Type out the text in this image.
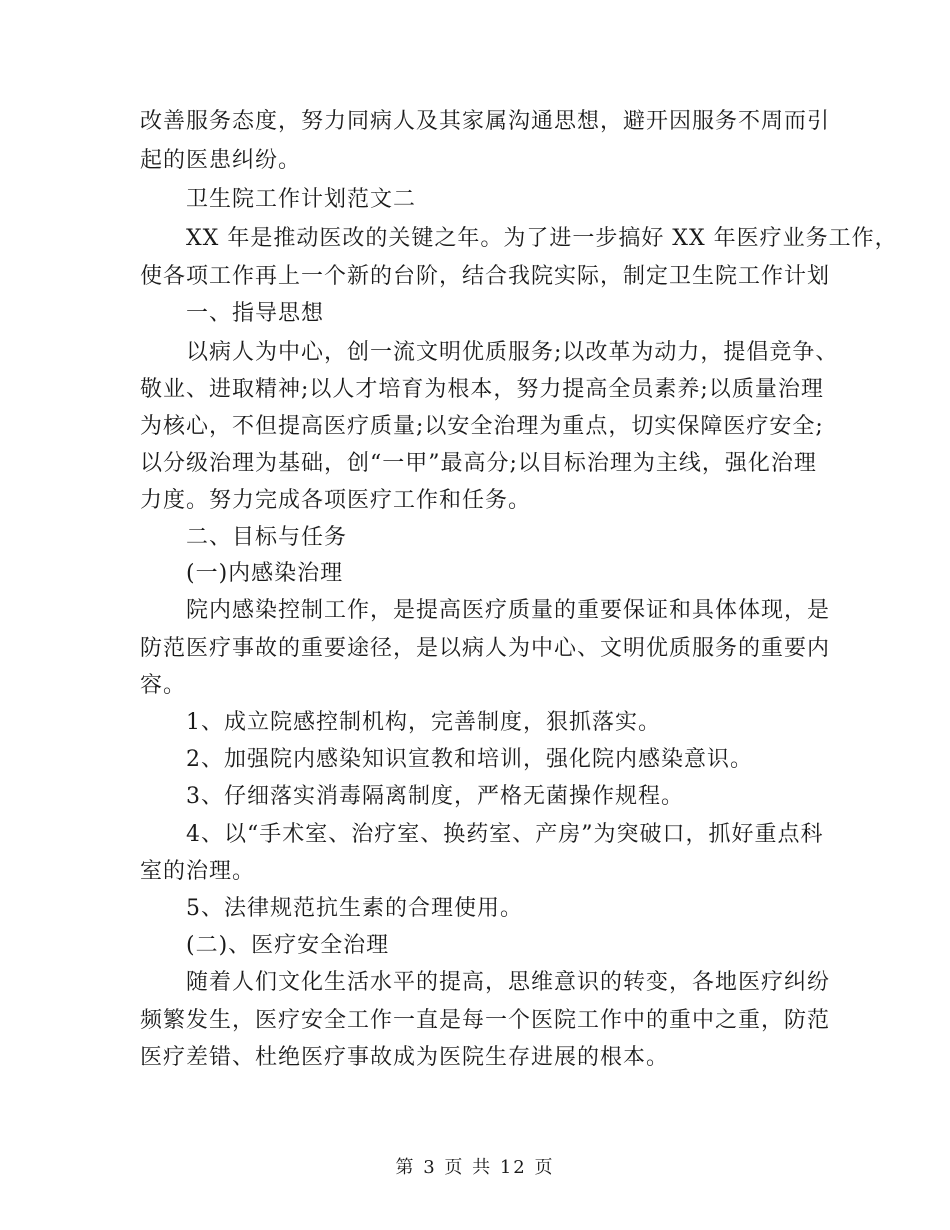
改善服务态度，努力同病人及其家属沟通思想，避开因服务不周而引
起的医患纠纷。
卫生院工作计划范文二
XX 年是推动医改的关键之年。为了进一步搞好 XX 年医疗业务工作，
使各项工作再上一个新的台阶，结合我院实际，制定卫生院工作计划
一、指导思想
以病人为中心，创一流文明优质服务;以改革为动力，提倡竞争、
敬业、进取精神;以人才培育为根本，努力提高全员素养;以质量治理
为核心，不但提高医疗质量;以安全治理为重点，切实保障医疗安全;
以分级治理为基础，创“一甲”最高分;以目标治理为主线，强化治理
力度。努力完成各项医疗工作和任务。
二、目标与任务
(一)内感染治理
院内感染控制工作，是提高医疗质量的重要保证和具体体现，是
防范医疗事故的重要途径，是以病人为中心、文明优质服务的重要内
容。
1、成立院感控制机构，完善制度，狠抓落实。
2、加强院内感染知识宣教和培训，强化院内感染意识。
3、仔细落实消毒隔离制度，严格无菌操作规程。
4、以“手术室、治疗室、换药室、产房”为突破口，抓好重点科
室的治理。
5、法律规范抗生素的合理使用。
(二)、医疗安全治理
随着人们文化生活水平的提高，思维意识的转变，各地医疗纠纷
频繁发生，医疗安全工作一直是每一个医院工作中的重中之重，防范
医疗差错、杜绝医疗事故成为医院生存进展的根本。
第 3 页 共 12 页
